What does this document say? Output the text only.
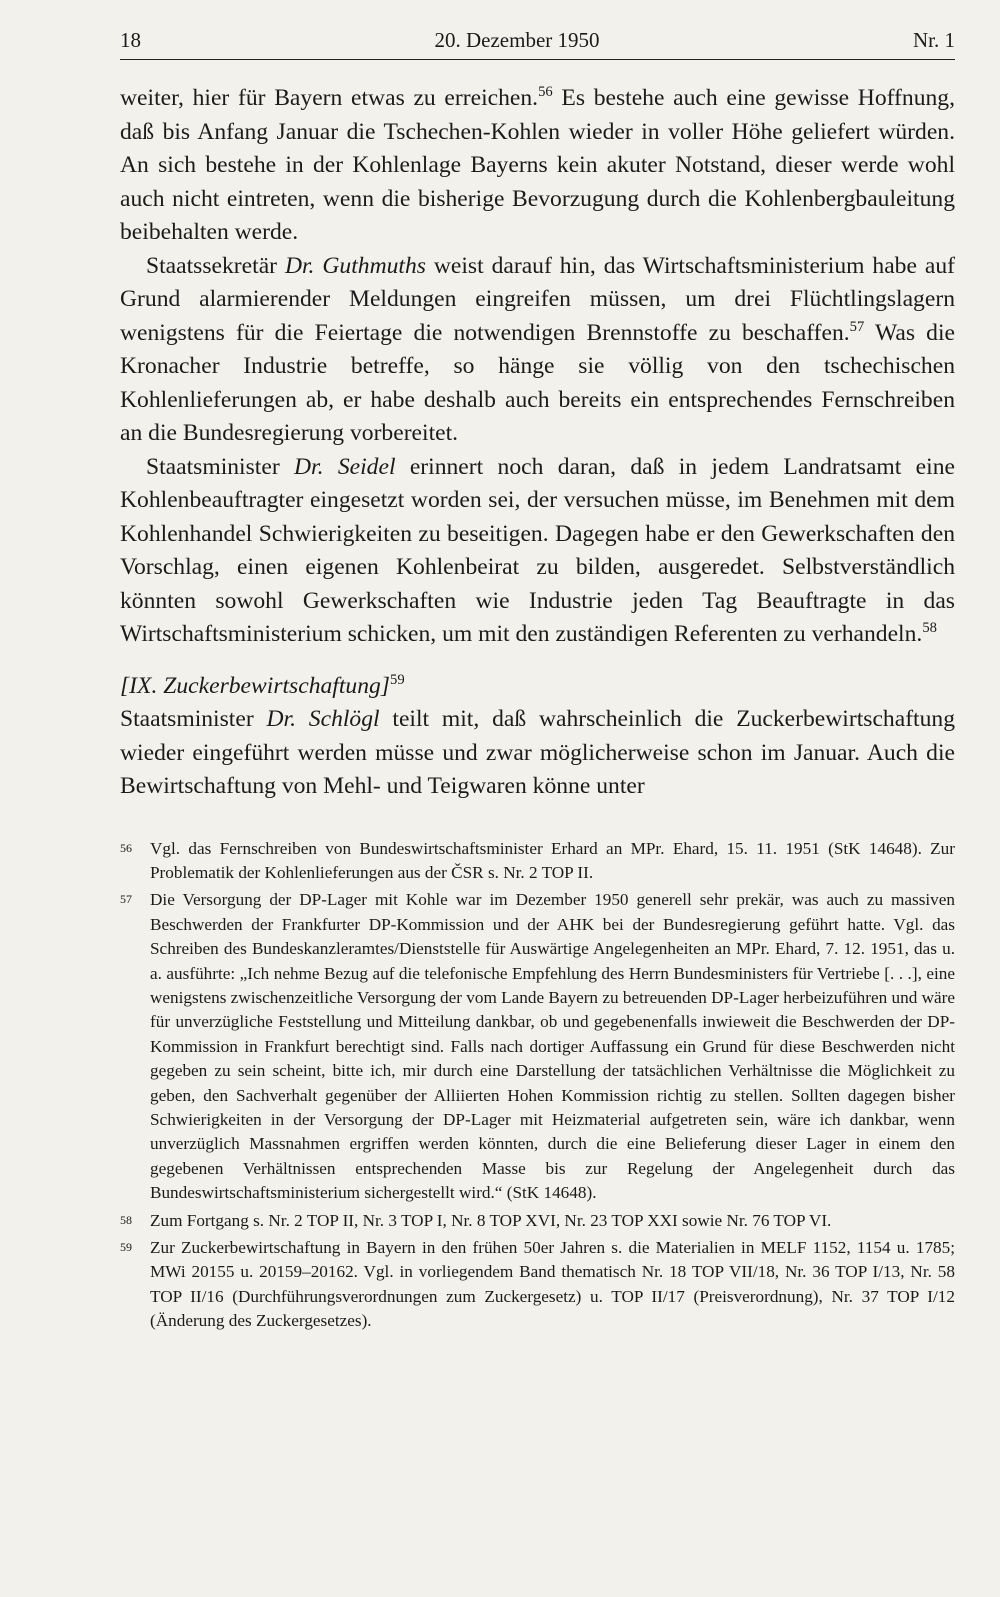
18	20. Dezember 1950	Nr. 1

weiter, hier für Bayern etwas zu erreichen.$^{56}$ Es bestehe auch eine gewisse Hoffnung, daß bis Anfang Januar die Tschechen-Kohlen wieder in voller Höhe geliefert würden. An sich bestehe in der Kohlenlage Bayerns kein akuter Notstand, dieser werde wohl auch nicht eintreten, wenn die bisherige Bevorzugung durch die Kohlenbergbauleitung beibehalten werde.

Staatssekretär Dr. Guthmuths weist darauf hin, das Wirtschaftsministerium habe auf Grund alarmierender Meldungen eingreifen müssen, um drei Flüchtlingslagern wenigstens für die Feiertage die notwendigen Brennstoffe zu beschaffen.$^{57}$ Was die Kronacher Industrie betreffe, so hänge sie völlig von den tschechischen Kohlenlieferungen ab, er habe deshalb auch bereits ein entsprechendes Fernschreiben an die Bundesregierung vorbereitet.

Staatsminister Dr. Seidel erinnert noch daran, daß in jedem Landratsamt eine Kohlenbeauftragter eingesetzt worden sei, der versuchen müsse, im Benehmen mit dem Kohlenhandel Schwierigkeiten zu beseitigen. Dagegen habe er den Gewerkschaften den Vorschlag, einen eigenen Kohlenbeirat zu bilden, ausgeredet. Selbstverständlich könnten sowohl Gewerkschaften wie Industrie jeden Tag Beauftragte in das Wirtschaftsministerium schicken, um mit den zuständigen Referenten zu verhandeln.$^{58}$

[IX. Zuckerbewirtschaftung]$^{59}$

Staatsminister Dr. Schlögl teilt mit, daß wahrscheinlich die Zuckerbewirtschaftung wieder eingeführt werden müsse und zwar möglicherweise schon im Januar. Auch die Bewirtschaftung von Mehl- und Teigwaren könne unter

56	Vgl. das Fernschreiben von Bundeswirtschaftsminister Erhard an MPr. Ehard, 15. 11. 1951 (StK 14648). Zur Problematik der Kohlenlieferungen aus der ČSR s. Nr. 2 TOP II.
57	Die Versorgung der DP-Lager mit Kohle war im Dezember 1950 generell sehr prekär, was auch zu massiven Beschwerden der Frankfurter DP-Kommission und der AHK bei der Bundesregierung geführt hatte. Vgl. das Schreiben des Bundeskanzleramtes/Dienststelle für Auswärtige Angelegenheiten an MPr. Ehard, 7. 12. 1951, das u. a. ausführte: „Ich nehme Bezug auf die telefonische Empfehlung des Herrn Bundesministers für Vertriebe [. . .], eine wenigstens zwischenzeitliche Versorgung der vom Lande Bayern zu betreuenden DP-Lager herbeizuführen und wäre für unverzügliche Feststellung und Mitteilung dankbar, ob und gegebenenfalls inwieweit die Beschwerden der DP-Kommission in Frankfurt berechtigt sind. Falls nach dortiger Auffassung ein Grund für diese Beschwerden nicht gegeben zu sein scheint, bitte ich, mir durch eine Darstellung der tatsächlichen Verhältnisse die Möglichkeit zu geben, den Sachverhalt gegenüber der Alliierten Hohen Kommission richtig zu stellen. Sollten dagegen bisher Schwierigkeiten in der Versorgung der DP-Lager mit Heizmaterial aufgetreten sein, wäre ich dankbar, wenn unverzüglich Massnahmen ergriffen werden könnten, durch die eine Belieferung dieser Lager in einem den gegebenen Verhältnissen entsprechenden Masse bis zur Regelung der Angelegenheit durch das Bundeswirtschaftsministerium sichergestellt wird.“ (StK 14648).
58	Zum Fortgang s. Nr. 2 TOP II, Nr. 3 TOP I, Nr. 8 TOP XVI, Nr. 23 TOP XXI sowie Nr. 76 TOP VI.
59	Zur Zuckerbewirtschaftung in Bayern in den frühen 50er Jahren s. die Materialien in MELF 1152, 1154 u. 1785; MWi 20155 u. 20159–20162. Vgl. in vorliegendem Band thematisch Nr. 18 TOP VII/18, Nr. 36 TOP I/13, Nr. 58 TOP II/16 (Durchführungsverordnungen zum Zuckergesetz) u. TOP II/17 (Preisverordnung), Nr. 37 TOP I/12 (Änderung des Zuckergesetzes).
